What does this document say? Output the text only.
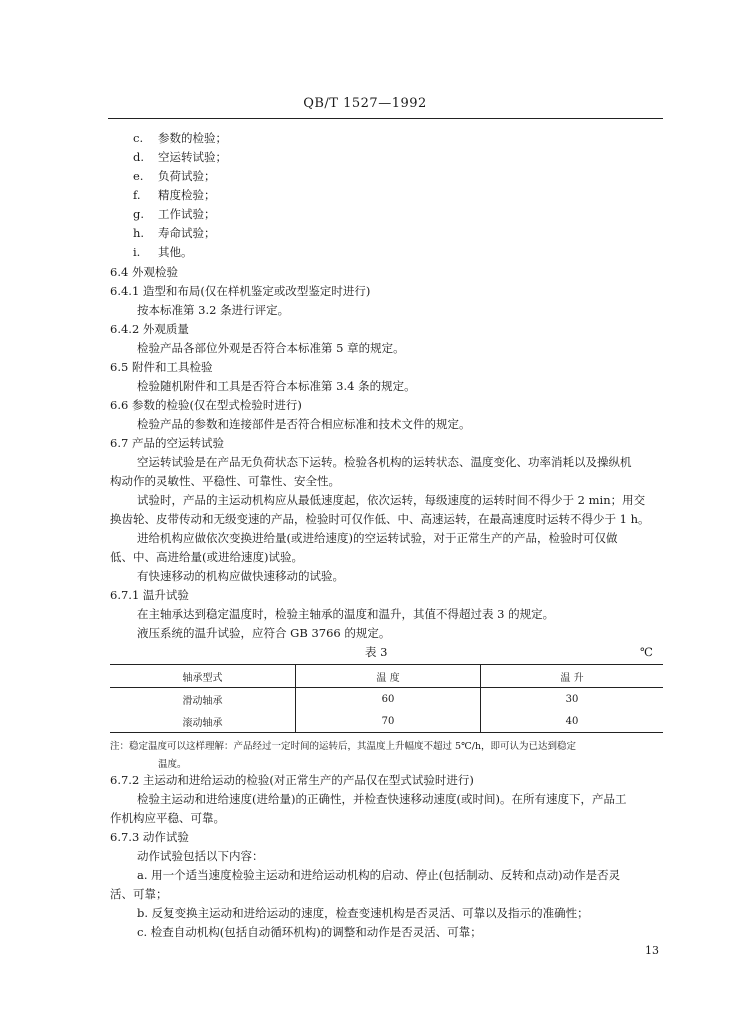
QB/T 1527—1992
c. 参数的检验；
d. 空运转试验；
e. 负荷试验；
f. 精度检验；
g. 工作试验；
h. 寿命试验；
i. 其他。
6.4 外观检验
6.4.1 造型和布局(仅在样机鉴定或改型鉴定时进行)
按本标准第 3.2 条进行评定。
6.4.2 外观质量
检验产品各部位外观是否符合本标准第 5 章的规定。
6.5 附件和工具检验
检验随机附件和工具是否符合本标准第 3.4 条的规定。
6.6 参数的检验(仅在型式检验时进行)
检验产品的参数和连接部件是否符合相应标准和技术文件的规定。
6.7 产品的空运转试验
空运转试验是在产品无负荷状态下运转。检验各机构的运转状态、温度变化、功率消耗以及操纵机
构动作的灵敏性、平稳性、可靠性、安全性。
试验时，产品的主运动机构应从最低速度起，依次运转，每级速度的运转时间不得少于 2 min；用交
换齿轮、皮带传动和无级变速的产品，检验时可仅作低、中、高速运转，在最高速度时运转不得少于 1 h。
进给机构应做依次变换进给量(或进给速度)的空运转试验，对于正常生产的产品，检验时可仅做
低、中、高进给量(或进给速度)试验。
有快速移动的机构应做快速移动的试验。
6.7.1 温升试验
在主轴承达到稳定温度时，检验主轴承的温度和温升，其值不得超过表 3 的规定。
液压系统的温升试验，应符合 GB 3766 的规定。
表 3	℃
轴承型式	温 度	温 升
滑动轴承	60	30
滚动轴承	70	40
注：稳定温度可以这样理解：产品经过一定时间的运转后，其温度上升幅度不超过 5℃/h，即可认为已达到稳定
温度。
6.7.2 主运动和进给运动的检验(对正常生产的产品仅在型式试验时进行)
检验主运动和进给速度(进给量)的正确性，并检查快速移动速度(或时间)。在所有速度下，产品工
作机构应平稳、可靠。
6.7.3 动作试验
动作试验包括以下内容：
a. 用一个适当速度检验主运动和进给运动机构的启动、停止(包括制动、反转和点动)动作是否灵
活、可靠；
b. 反复变换主运动和进给运动的速度，检查变速机构是否灵活、可靠以及指示的准确性；
c. 检查自动机构(包括自动循环机构)的调整和动作是否灵活、可靠；
13
